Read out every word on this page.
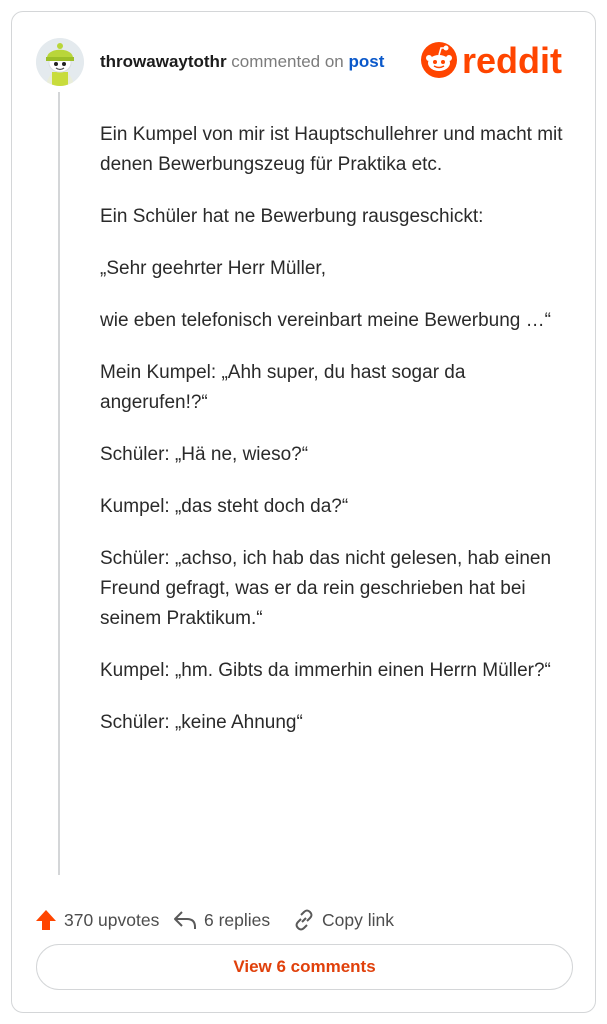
throwawaytothr commented on post reddit

Ein Kumpel von mir ist Hauptschullehrer und macht mit denen Bewerbungszeug für Praktika etc.

Ein Schüler hat ne Bewerbung rausgeschickt:

„Sehr geehrter Herr Müller,

wie eben telefonisch vereinbart meine Bewerbung …“

Mein Kumpel: „Ahh super, du hast sogar da angerufen!?“

Schüler: „Hä ne, wieso?“

Kumpel: „das steht doch da?“

Schüler: „achso, ich hab das nicht gelesen, hab einen Freund gefragt, was er da rein geschrieben hat bei seinem Praktikum.“

Kumpel: „hm. Gibts da immerhin einen Herrn Müller?“

Schüler: „keine Ahnung“

370 upvotes	6 replies	Copy link
View 6 comments
